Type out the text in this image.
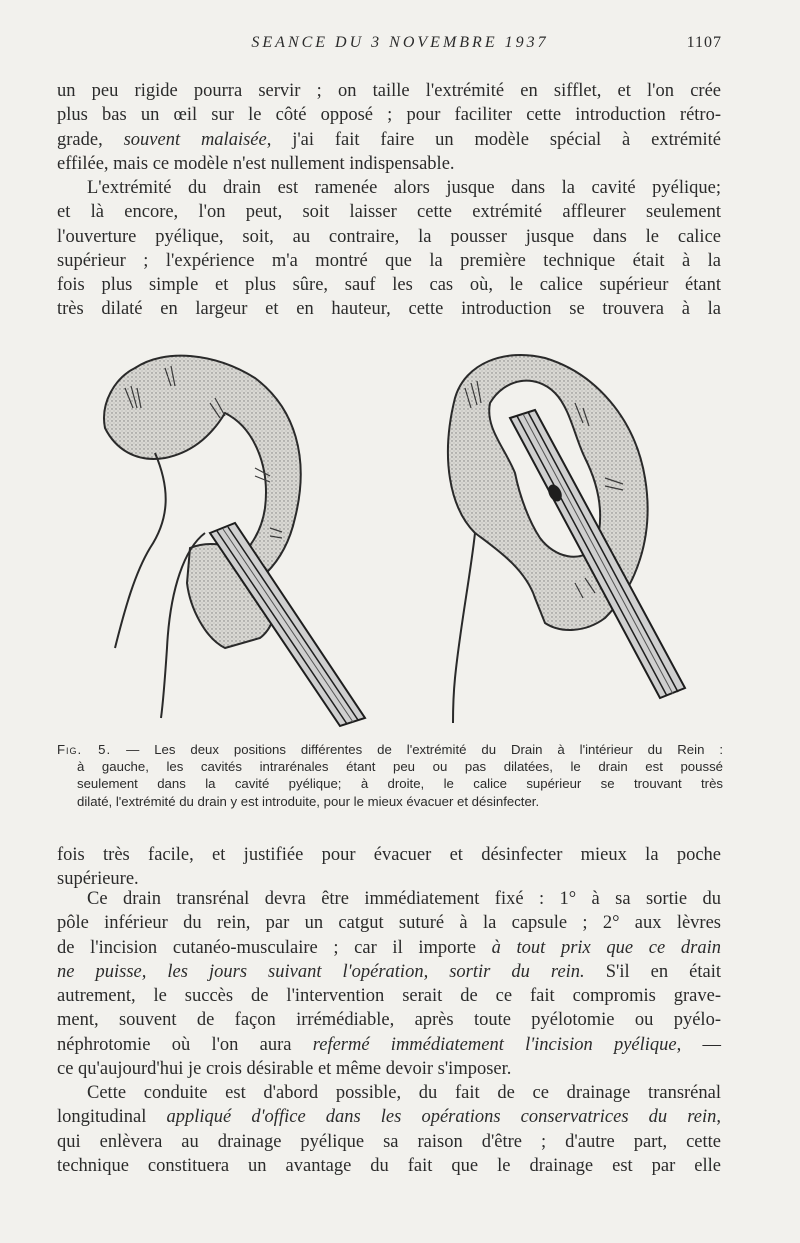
SEANCE DU 3 NOVEMBRE 1937	1107
un peu rigide pourra servir ; on taille l'extrémité en sifflet, et l'on crée
plus bas un œil sur le côté opposé ; pour faciliter cette introduction rétro-
grade, souvent malaisée, j'ai fait faire un modèle spécial à extrémité
effilée, mais ce modèle n'est nullement indispensable.
L'extrémité du drain est ramenée alors jusque dans la cavité pyélique;
et là encore, l'on peut, soit laisser cette extrémité affleurer seulement
l'ouverture pyélique, soit, au contraire, la pousser jusque dans le calice
supérieur ; l'expérience m'a montré que la première technique était à la
fois plus simple et plus sûre, sauf les cas où, le calice supérieur étant
très dilaté en largeur et en hauteur, cette introduction se trouvera à la
Fig. 5. — Les deux positions différentes de l'extrémité du Drain à l'intérieur du Rein :
à gauche, les cavités intrarénales étant peu ou pas dilatées, le drain est poussé
seulement dans la cavité pyélique; à droite, le calice supérieur se trouvant très
dilaté, l'extrémité du drain y est introduite, pour le mieux évacuer et désinfecter.
fois très facile, et justifiée pour évacuer et désinfecter mieux la poche
supérieure.
Ce drain transrénal devra être immédiatement fixé : 1° à sa sortie du
pôle inférieur du rein, par un catgut suturé à la capsule ; 2° aux lèvres
de l'incision cutanéo-musculaire ; car il importe à tout prix que ce drain
ne puisse, les jours suivant l'opération, sortir du rein. S'il en était
autrement, le succès de l'intervention serait de ce fait compromis grave-
ment, souvent de façon irrémédiable, après toute pyélotomie ou pyélo-
néphrotomie où l'on aura refermé immédiatement l'incision pyélique, —
ce qu'aujourd'hui je crois désirable et même devoir s'imposer.
Cette conduite est d'abord possible, du fait de ce drainage transrénal
longitudinal appliqué d'office dans les opérations conservatrices du rein,
qui enlèvera au drainage pyélique sa raison d'être ; d'autre part, cette
technique constituera un avantage du fait que le drainage est par elle
